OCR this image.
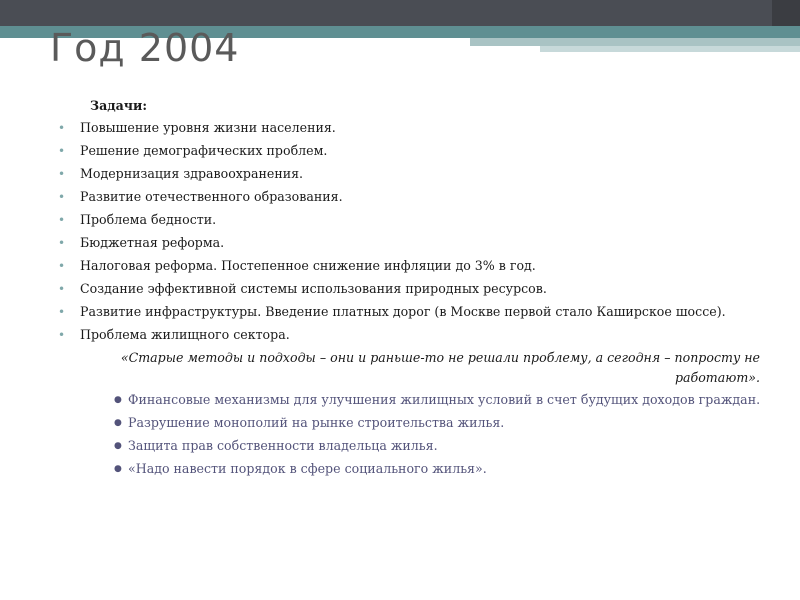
Год 2004

Задачи:

• Повышение уровня жизни населения.
• Решение демографических проблем.
• Модернизация здравоохранения.
• Развитие отечественного образования.
• Проблема бедности.
• Бюджетная реформа.
• Налоговая реформа. Постепенное снижение инфляции до 3% в год.
• Создание эффективной системы использования природных ресурсов.
• Развитие инфраструктуры. Введение платных дорог (в Москве первой стало Каширское шоссе).
• Проблема жилищного сектора.

«Старые методы и подходы – они и раньше-то не решали проблему, а сегодня – попросту не работают».

● Финансовые механизмы для улучшения жилищных условий в счет будущих доходов граждан.
● Разрушение монополий на рынке строительства жилья.
● Защита прав собственности владельца жилья.
● «Надо навести порядок в сфере социального жилья».
